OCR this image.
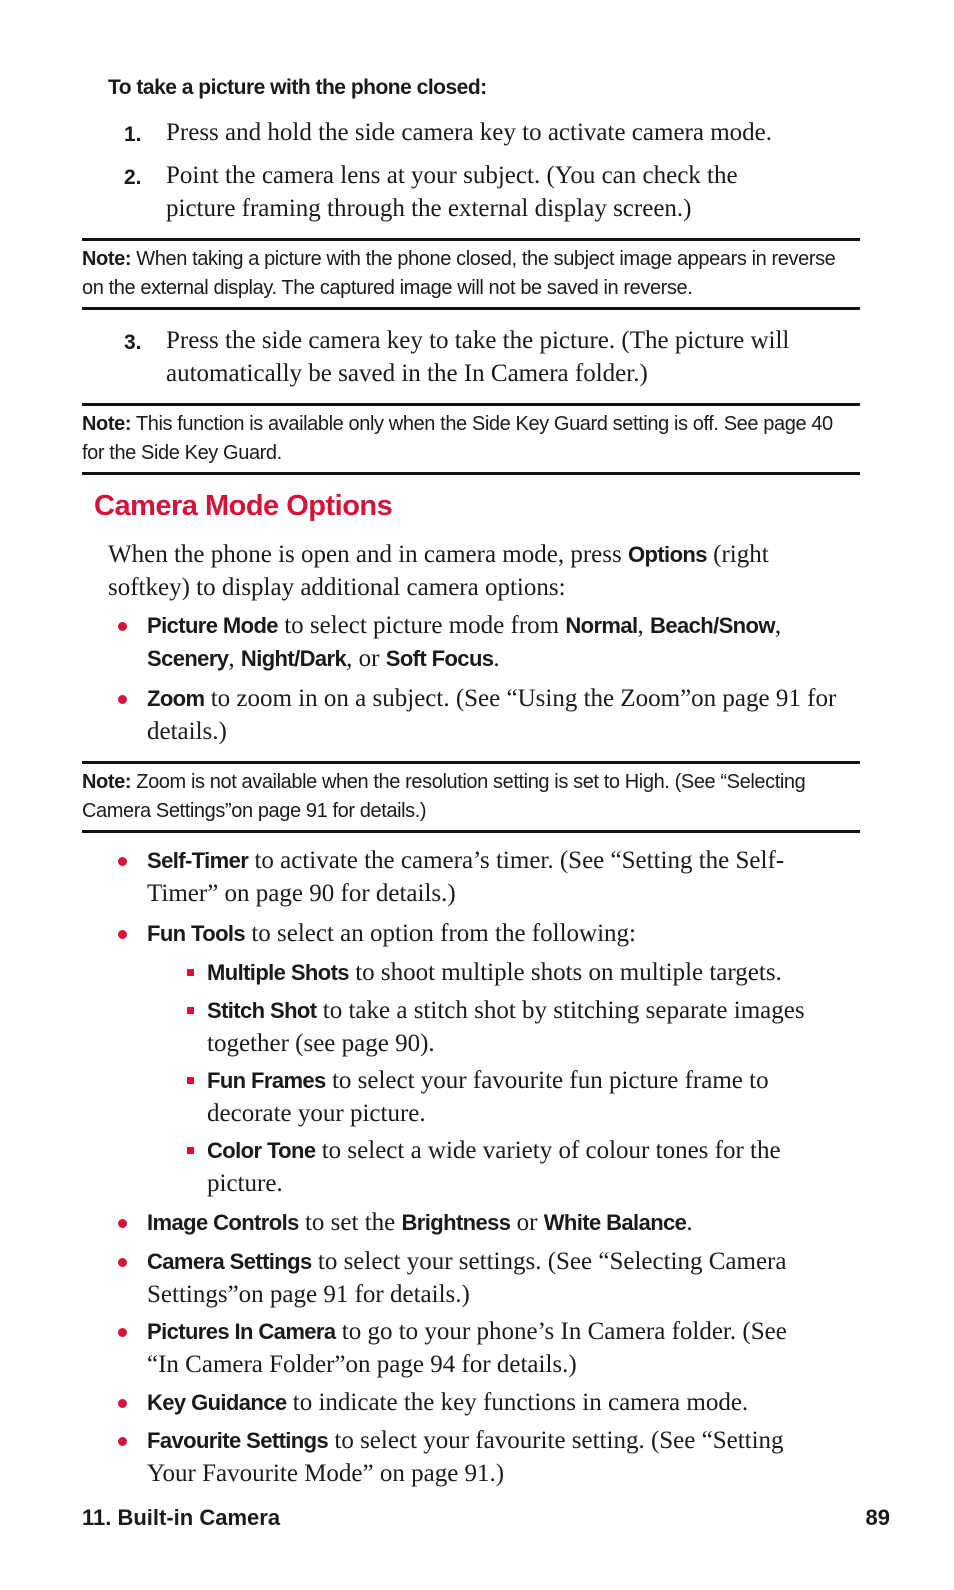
To take a picture with the phone closed:
1. Press and hold the side camera key to activate camera mode.
2. Point the camera lens at your subject. (You can check the picture framing through the external display screen.)
Note: When taking a picture with the phone closed, the subject image appears in reverse on the external display. The captured image will not be saved in reverse.
3. Press the side camera key to take the picture. (The picture will automatically be saved in the In Camera folder.)
Note: This function is available only when the Side Key Guard setting is off. See page 40 for the Side Key Guard.
Camera Mode Options
When the phone is open and in camera mode, press Options (right softkey) to display additional camera options:
Picture Mode to select picture mode from Normal, Beach/Snow, Scenery, Night/Dark, or Soft Focus.
Zoom to zoom in on a subject. (See “Using the Zoom”on page 91 for details.)
Note: Zoom is not available when the resolution setting is set to High. (See “Selecting Camera Settings”on page 91 for details.)
Self-Timer to activate the camera’s timer. (See “Setting the Self-Timer” on page 90 for details.)
Fun Tools to select an option from the following:
Multiple Shots to shoot multiple shots on multiple targets.
Stitch Shot to take a stitch shot by stitching separate images together (see page 90).
Fun Frames to select your favourite fun picture frame to decorate your picture.
Color Tone to select a wide variety of colour tones for the picture.
Image Controls to set the Brightness or White Balance.
Camera Settings to select your settings. (See “Selecting Camera Settings”on page 91 for details.)
Pictures In Camera to go to your phone’s In Camera folder. (See “In Camera Folder”on page 94 for details.)
Key Guidance to indicate the key functions in camera mode.
Favourite Settings to select your favourite setting. (See “Setting Your Favourite Mode” on page 91.)
11. Built-in Camera	89
